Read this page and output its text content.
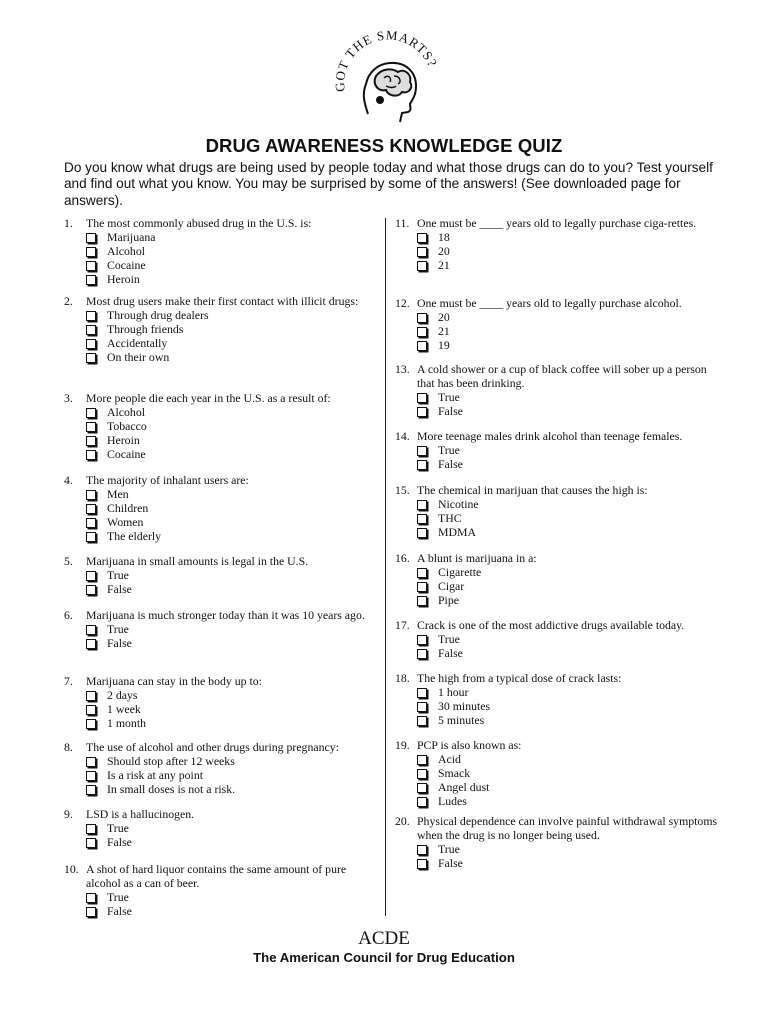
GOT THE SMARTS?
DRUG AWARENESS KNOWLEDGE QUIZ
Do you know what drugs are being used by people today and what those drugs can do to you? Test yourself and find out what you know. You may be surprised by some of the answers! (See downloaded page for answers).
1.	The most commonly abused drug in the U.S. is:
Marijuana
Alcohol
Cocaine
Heroin
2.	Most drug users make their first contact with illicit drugs:
Through drug dealers
Through friends
Accidentally
On their own
3.	More people die each year in the U.S. as a result of:
Alcohol
Tobacco
Heroin
Cocaine
4.	The majority of inhalant users are:
Men
Children
Women
The elderly
5.	Marijuana in small amounts is legal in the U.S.
True
False
6.	Marijuana is much stronger today than it was 10 years ago.
True
False
7.	Marijuana can stay in the body up to:
2 days
1 week
1 month
8.	The use of alcohol and other drugs during pregnancy:
Should stop after 12 weeks
Is a risk at any point
In small doses is not a risk.
9.	LSD is a hallucinogen.
True
False
10. A shot of hard liquor contains the same amount of pure alcohol as a can of beer.
True
False
11. One must be ____ years old to legally purchase ciga-rettes.
18
20
21
12. One must be ____ years old to legally purchase alcohol.
20
21
19
13. A cold shower or a cup of black coffee will sober up a person that has been drinking.
True
False
14. More teenage males drink alcohol than teenage females.
True
False
15. The chemical in marijuan that causes the high is:
Nicotine
THC
MDMA
16. A blunt is marijuana in a:
Cigarette
Cigar
Pipe
17. Crack is one of the most addictive drugs available today.
True
False
18. The high from a typical dose of crack lasts:
1 hour
30 minutes
5 minutes
19. PCP is also known as:
Acid
Smack
Angel dust
Ludes
20. Physical dependence can involve painful withdrawal symptoms when the drug is no longer being used.
True
False
ACDE
The American Council for Drug Education
